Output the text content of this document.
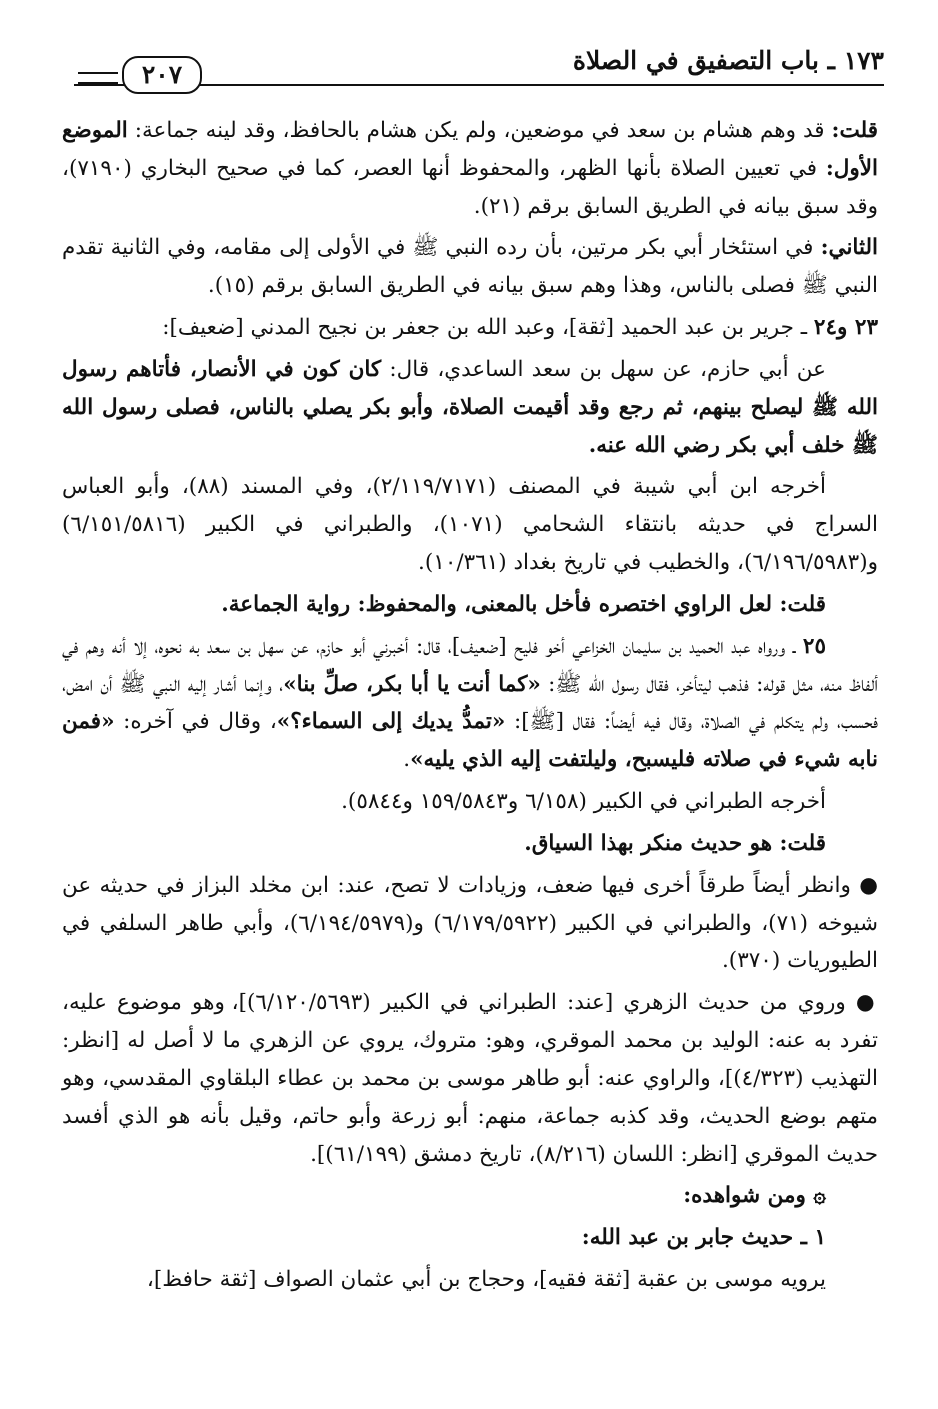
٢٠٧	١٧٣ ـ باب التصفيق في الصلاة

قلت: قد وهم هشام بن سعد في موضعين، ولم يكن هشام بالحافظ، وقد لينه جماعة: الموضع الأول: في تعيين الصلاة بأنها الظهر، والمحفوظ أنها العصر، كما في صحيح البخاري (٧١٩٠)، وقد سبق بيانه في الطريق السابق برقم (٢١).

الثاني: في استئخار أبي بكر مرتين، بأن رده النبي ﷺ في الأولى إلى مقامه، وفي الثانية تقدم النبي ﷺ فصلى بالناس، وهذا وهم سبق بيانه في الطريق السابق برقم (١٥).

٢٣ و٢٤ ـ جرير بن عبد الحميد [ثقة]، وعبد الله بن جعفر بن نجيح المدني [ضعيف]:

عن أبي حازم، عن سهل بن سعد الساعدي، قال: كان كون في الأنصار، فأتاهم رسول الله ﷺ ليصلح بينهم، ثم رجع وقد أقيمت الصلاة، وأبو بكر يصلي بالناس، فصلى رسول الله ﷺ خلف أبي بكر رضي الله عنه.

أخرجه ابن أبي شيبة في المصنف (٢/١١٩/٧١٧١)، وفي المسند (٨٨)، وأبو العباس السراج في حديثه بانتقاء الشحامي (١٠٧١)، والطبراني في الكبير (٦/١٥١/٥٨١٦) و(٦/١٩٦/٥٩٨٣)، والخطيب في تاريخ بغداد (١٠/٣٦١).

قلت: لعل الراوي اختصره فأخل بالمعنى، والمحفوظ: رواية الجماعة.

٢٥ ـ ورواه عبد الحميد بن سليمان الخزاعي أخو فليح [ضعيف]، قال: أخبرني أبو حازم، عن سهل بن سعد به نحوه، إلا أنه وهم في ألفاظ منه، مثل قوله: فذهب ليتأخر، فقال رسول الله ﷺ: «كما أنت يا أبا بكر، صلِّ بنا»، وإنما أشار إليه النبي ﷺ أن امض، فحسب، ولم يتكلم في الصلاة، وقال فيه أيضاً: فقال [ﷺ]: «تمدُّ يديك إلى السماء؟»، وقال في آخره: «فمن نابه شيء في صلاته فليسبح، وليلتفت إليه الذي يليه».

أخرجه الطبراني في الكبير (٦/١٥٨ و١٥٩/٥٨٤٣ و٥٨٤٤).

قلت: هو حديث منكر بهذا السياق.

● وانظر أيضاً طرقاً أخرى فيها ضعف، وزيادات لا تصح، عند: ابن مخلد البزاز في حديثه عن شيوخه (٧١)، والطبراني في الكبير (٦/١٧٩/٥٩٢٢) و(٦/١٩٤/٥٩٧٩)، وأبي طاهر السلفي في الطيوريات (٣٧٠).

● وروي من حديث الزهري [عند: الطبراني في الكبير (٦/١٢٠/٥٦٩٣)]، وهو موضوع عليه، تفرد به عنه: الوليد بن محمد الموقري، وهو: متروك، يروي عن الزهري ما لا أصل له [انظر: التهذيب (٤/٣٢٣)]، والراوي عنه: أبو طاهر موسى بن محمد بن عطاء البلقاوي المقدسي، وهو متهم بوضع الحديث، وقد كذبه جماعة، منهم: أبو زرعة وأبو حاتم، وقيل بأنه هو الذي أفسد حديث الموقري [انظر: اللسان (٨/٢١٦)، تاريخ دمشق (٦١/١٩٩)].

۞ ومن شواهده:

١ ـ حديث جابر بن عبد الله:

يرويه موسى بن عقبة [ثقة فقيه]، وحجاج بن أبي عثمان الصواف [ثقة حافظ]،
